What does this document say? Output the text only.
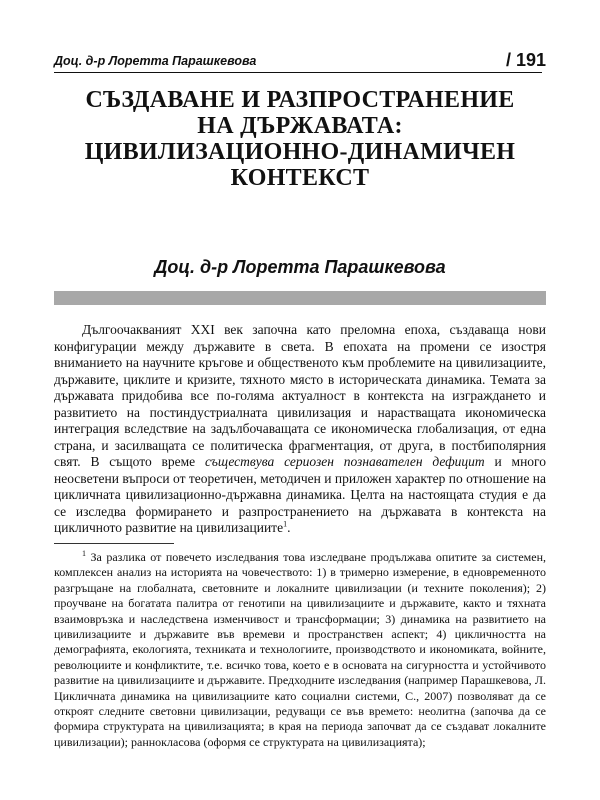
Доц. д-р Лоретта Парашкевова	/ 191
СЪЗДАВАНЕ И РАЗПРОСТРАНЕНИЕ
НА ДЪРЖАВАТА:
ЦИВИЛИЗАЦИОННО-ДИНАМИЧЕН
КОНТЕКСТ
Доц. д-р Лоретта Парашкевова

Дългоочакваният XXI век започна като преломна епоха, създаваща нови конфигурации между държавите в света. В епохата на промени се изостря вниманието на научните кръгове и общественото към проблемите на цивилизациите, държавите, циклите и кризите, тяхното място в историческата динамика. Темата за държавата придобива все по-голяма актуалност в контекста на изграждането и развитието на постиндустриалната цивилизация и нарастващата икономическа интеграция вследствие на задълбочаващата се икономическа глобализация, от една страна, и засилващата се политическа фрагментация, от друга, в постбиполярния свят. В същото време съществува сериозен познавателен дефицит и много неосветени въпроси от теоретичен, методичен и приложен характер по отношение на цикличната цивилизационно-държавна динамика. Целта на настоящата студия е да се изследва формирането и разпространението на държавата в контекста на цикличното развитие на цивилизациите$^1$.

$^1$ За разлика от повечето изследвания това изследване продължава опитите за системен, комплексен анализ на историята на човечеството: 1) в тримерно измерение, в едновременното разгръщане на глобалната, световните и локалните цивилизации (и техните поколения); 2) проучване на богатата палитра от генотипи на цивилизациите и държавите, както и тяхната взаимовръзка и наследствена изменчивост и трансформации; 3) динамика на развитието на цивилизациите и държавите във времеви и пространствен аспект; 4) цикличността на демографията, екологията, техниката и технологиите, производството и икономиката, войните, революциите и конфликтите, т.е. всичко това, което е в основата на сигурността и устойчивото развитие на цивилизациите и държавите. Предходните изследвания (например Парашкевова, Л. Цикличната динамика на цивилизациите като социални системи, С., 2007) позволяват да се откроят следните световни цивилизации, редуващи се във времето: неолитна (започва да се формира структурата на цивилизацията; в края на периода започват да се създават локалните цивилизации); раннокласова (оформя се структурата на цивилизацията);
